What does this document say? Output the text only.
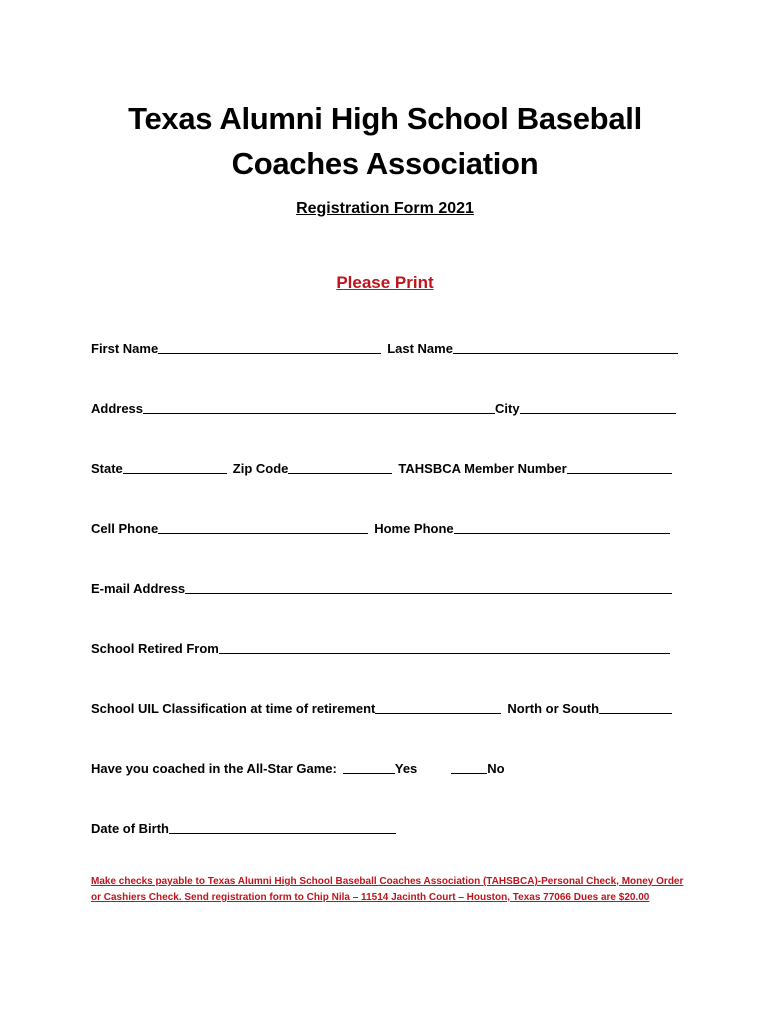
Texas Alumni High School Baseball
Coaches Association
Registration Form 2021
Please Print
First Name	Last Name
Address	City
State	Zip Code	TAHSBCA Member Number
Cell Phone	Home Phone
E-mail Address
School Retired From
School UIL Classification at time of retirement	North or South
Have you coached in the All-Star Game:	Yes	No
Date of Birth
Make checks payable to Texas Alumni High School Baseball Coaches Association (TAHSBCA)-Personal Check, Money Order or Cashiers Check. Send registration form to Chip Nila – 11514 Jacinth Court – Houston, Texas 77066 Dues are $20.00
